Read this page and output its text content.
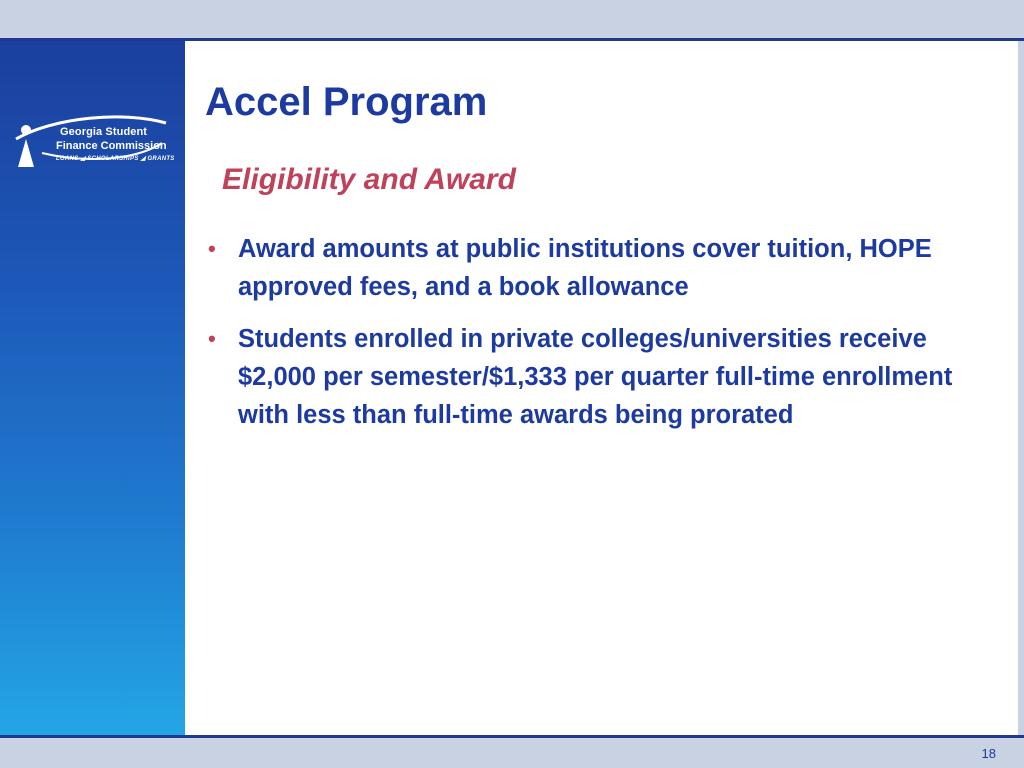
Georgia Student
Finance Commission
LOANS ◢ SCHOLARSHIPS ◢ GRANTS
Accel Program
Eligibility and Award
• Award amounts at public institutions cover tuition, HOPE approved fees, and a book allowance
• Students enrolled in private colleges/universities receive $2,000 per semester/$1,333 per quarter full-time enrollment with less than full-time awards being prorated
18
